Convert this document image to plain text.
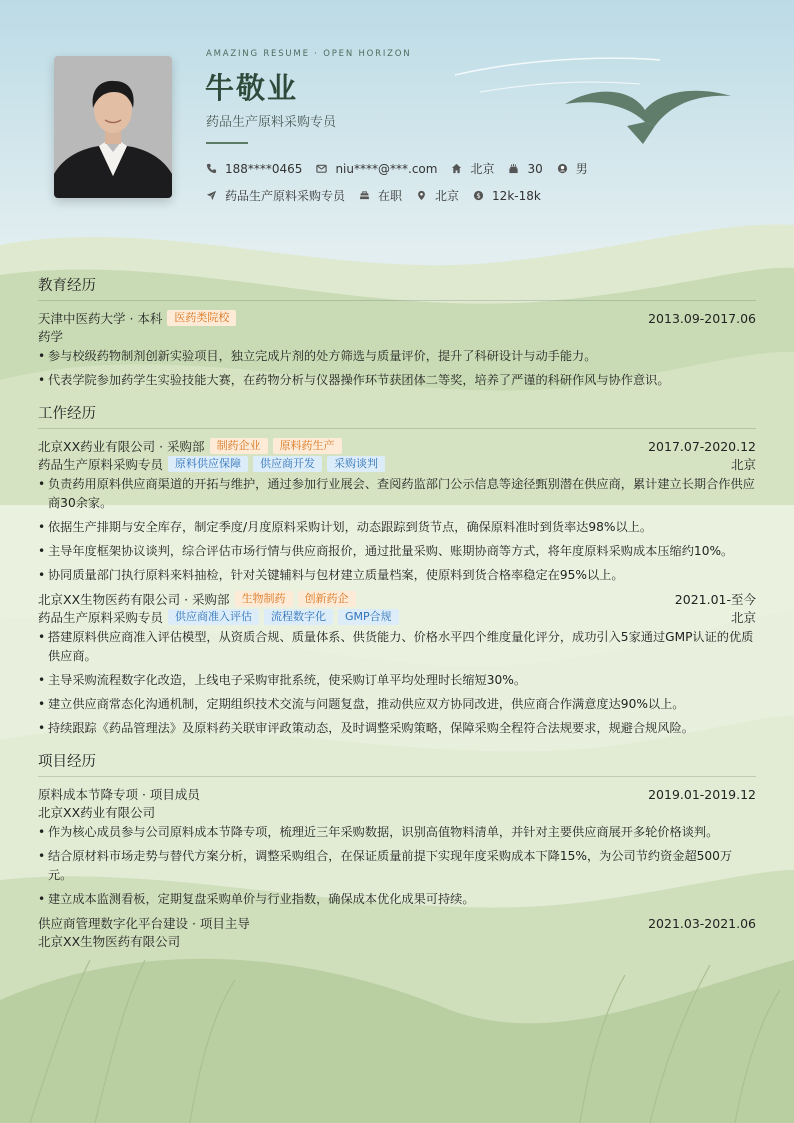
AMAZING RESUME · OPEN HORIZON
牛敬业
药品生产原料采购专员
188****0465	niu****@***.com	北京	30	男
药品生产原料采购专员	在职	北京 $ 12k-18k
教育经历
天津中医药大学 · 本科	医药类院校	2013.09-2017.06
药学
• 参与校级药物制剂创新实验项目，独立完成片剂的处方筛选与质量评价，提升了科研设计与动手能力。
• 代表学院参加药学生实验技能大赛，在药物分析与仪器操作环节获团体二等奖，培养了严谨的科研作风与协作意识。
工作经历
北京XX药业有限公司 · 采购部	制药企业	原料药生产	2017.07-2020.12
药品生产原料采购专员	原料供应保障	供应商开发	采购谈判	北京
• 负责药用原料供应商渠道的开拓与维护，通过参加行业展会、查阅药监部门公示信息等途径甄别潜在供应商，累计建立长期合作供应商30余家。
• 依据生产排期与安全库存，制定季度/月度原料采购计划，动态跟踪到货节点，确保原料准时到货率达98%以上。
• 主导年度框架协议谈判，综合评估市场行情与供应商报价，通过批量采购、账期协商等方式，将年度原料采购成本压缩约10%。
• 协同质量部门执行原料来料抽检，针对关键辅料与包材建立质量档案，使原料到货合格率稳定在95%以上。
北京XX生物医药有限公司 · 采购部	生物制药	创新药企	2021.01-至今
药品生产原料采购专员	供应商准入评估	流程数字化	GMP合规	北京
• 搭建原料供应商准入评估模型，从资质合规、质量体系、供货能力、价格水平四个维度量化评分，成功引入5家通过GMP认证的优质供应商。
• 主导采购流程数字化改造，上线电子采购审批系统，使采购订单平均处理时长缩短30%。
• 建立供应商常态化沟通机制，定期组织技术交流与问题复盘，推动供应双方协同改进，供应商合作满意度达90%以上。
• 持续跟踪《药品管理法》及原料药关联审评政策动态，及时调整采购策略，保障采购全程符合法规要求，规避合规风险。
项目经历
原料成本节降专项 · 项目成员	2019.01-2019.12
北京XX药业有限公司
• 作为核心成员参与公司原料成本节降专项，梳理近三年采购数据，识别高值物料清单，并针对主要供应商展开多轮价格谈判。
• 结合原材料市场走势与替代方案分析，调整采购组合，在保证质量前提下实现年度采购成本下降15%，为公司节约资金超500万元。
• 建立成本监测看板，定期复盘采购单价与行业指数，确保成本优化成果可持续。
供应商管理数字化平台建设 · 项目主导	2021.03-2021.06
北京XX生物医药有限公司
